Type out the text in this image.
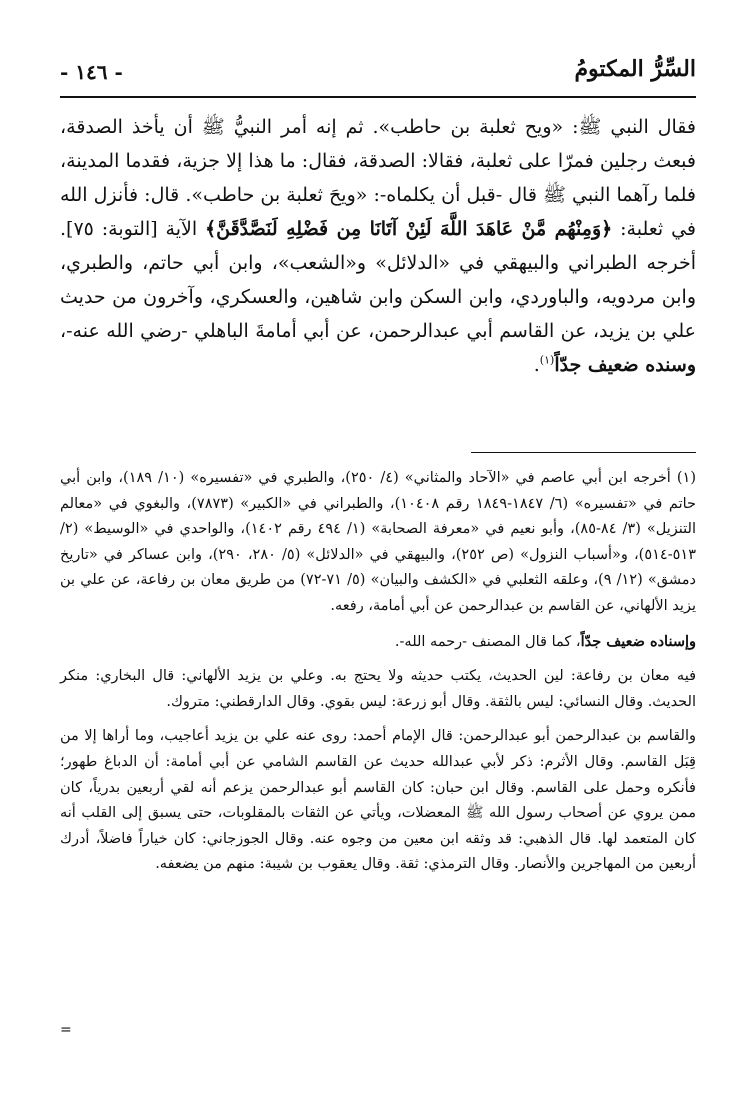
السِّرُّ المكتومُ
- ١٤٦ -

فقال النبي ﷺ: «ويح ثعلبة بن حاطب». ثم إنه أمر النبيُّ ﷺ أن يأخذ الصدقة، فبعث رجلين فمرّا على ثعلبة، فقالا: الصدقة، فقال: ما هذا إلا جزية، فقدما المدينة، فلما رآهما النبي ﷺ قال -قبل أن يكلماه-: «ويحَ ثعلبة بن حاطب». قال: فأنزل الله في ثعلبة: ﴿وَمِنْهُم مَّنْ عَاهَدَ اللَّهَ لَئِنْ آتَانَا مِن فَضْلِهِ لَنَصَّدَّقَنَّ﴾ الآية [التوبة: ٧٥]. أخرجه الطبراني والبيهقي في «الدلائل» و«الشعب»، وابن أبي حاتم، والطبري، وابن مردويه، والباوردي، وابن السكن وابن شاهين، والعسكري، وآخرون من حديث علي بن يزيد، عن القاسم أبي عبدالرحمن، عن أبي أمامةَ الباهلي -رضي الله عنه-، وسنده ضعيف جدّاً$^{(١)}$.

(١) أخرجه ابن أبي عاصم في «الآحاد والمثاني» (٤/ ٢٥٠)، والطبري في «تفسيره» (١٠/ ١٨٩)، وابن أبي حاتم في «تفسيره» (٦/ ١٨٤٧-١٨٤٩ رقم ١٠٤٠٨)، والطبراني في «الكبير» (٧٨٧٣)، والبغوي في «معالم التنزيل» (٣/ ٨٤-٨٥)، وأبو نعيم في «معرفة الصحابة» (١/ ٤٩٤ رقم ١٤٠٢)، والواحدي في «الوسيط» (٢/ ٥١٣-٥١٤)، و«أسباب النزول» (ص ٢٥٢)، والبيهقي في «الدلائل» (٥/ ٢٨٠، ٢٩٠)، وابن عساكر في «تاريخ دمشق» (١٢/ ٩)، وعلقه الثعلبي في «الكشف والبيان» (٥/ ٧١-٧٢) من طريق معان بن رفاعة، عن علي بن يزيد الألهاني، عن القاسم بن عبدالرحمن عن أبي أمامة، رفعه.

وإسناده ضعيف جدّاً، كما قال المصنف -رحمه الله-.

فيه معان بن رفاعة: لين الحديث، يكتب حديثه ولا يحتج به. وعلي بن يزيد الألهاني: قال البخاري: منكر الحديث. وقال النسائي: ليس بالثقة. وقال أبو زرعة: ليس بقوي. وقال الدارقطني: متروك.

والقاسم بن عبدالرحمن أبو عبدالرحمن: قال الإمام أحمد: روى عنه علي بن يزيد أعاجيب، وما أراها إلا من قِبَل القاسم. وقال الأثرم: ذكر لأبي عبدالله حديث عن القاسم الشامي عن أبي أمامة: أن الدباغ طهور؛ فأنكره وحمل على القاسم. وقال ابن حبان: كان القاسم أبو عبدالرحمن يزعم أنه لقي أربعين بدرياً، كان ممن يروي عن أصحاب رسول الله ﷺ المعضلات، ويأتي عن الثقات بالمقلوبات، حتى يسبق إلى القلب أنه كان المتعمد لها. قال الذهبي: قد وثقه ابن معين من وجوه عنه. وقال الجوزجاني: كان خياراً فاضلاً، أدرك أربعين من المهاجرين والأنصار. وقال الترمذي: ثقة. وقال يعقوب بن شيبة: منهم من يضعفه.

=
